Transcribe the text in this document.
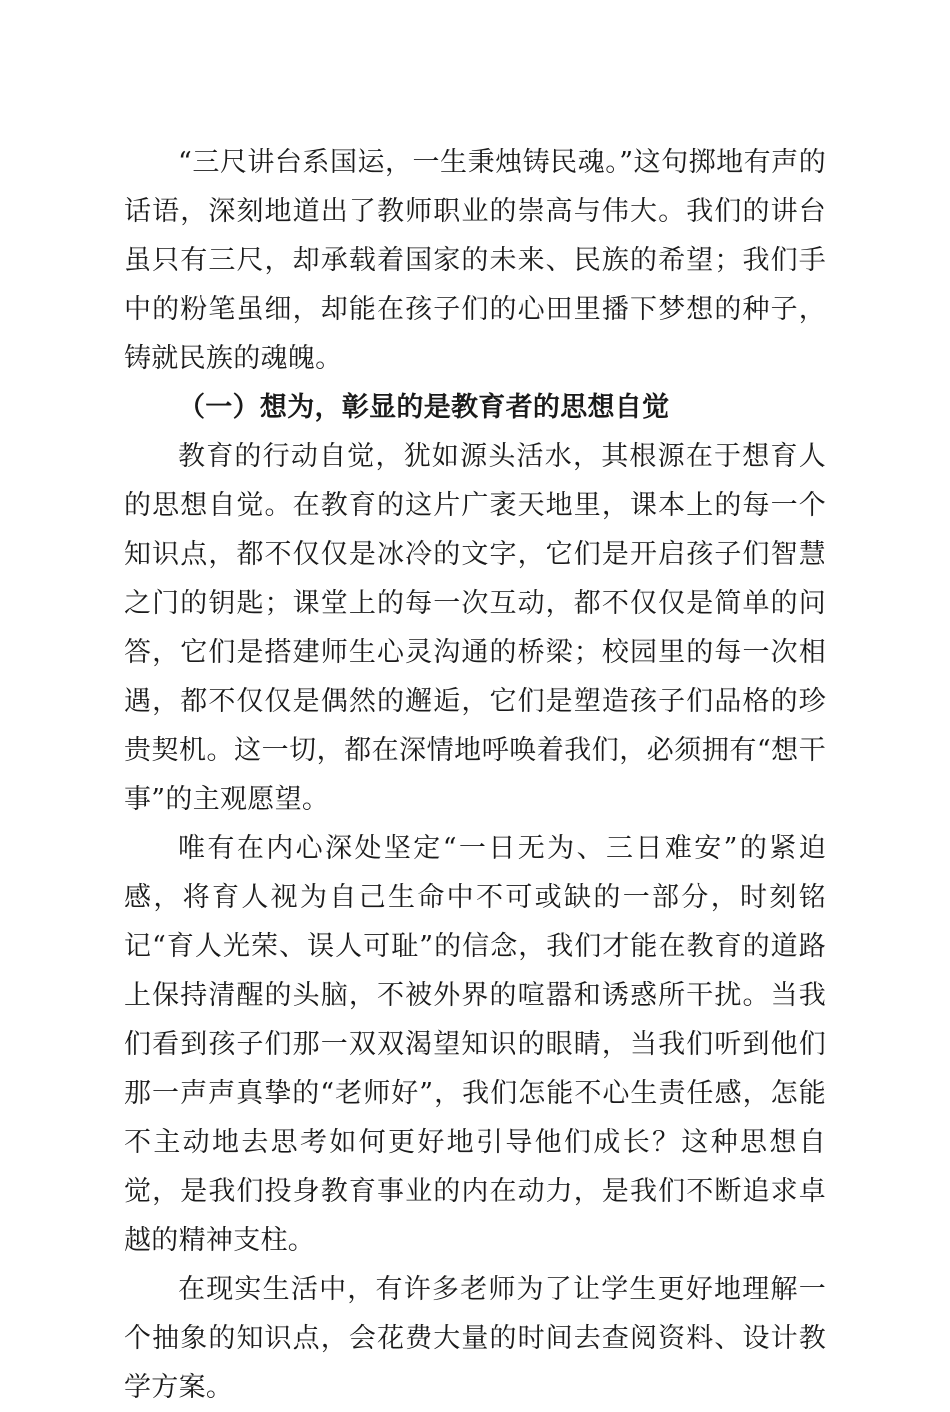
“三尺讲台系国运，一生秉烛铸民魂。”这句掷地有声的话语，深刻地道出了教师职业的崇高与伟大。我们的讲台虽只有三尺，却承载着国家的未来、民族的希望；我们手中的粉笔虽细，却能在孩子们的心田里播下梦想的种子，铸就民族的魂魄。

（一）想为，彰显的是教育者的思想自觉

教育的行动自觉，犹如源头活水，其根源在于想育人的思想自觉。在教育的这片广袤天地里，课本上的每一个知识点，都不仅仅是冰冷的文字，它们是开启孩子们智慧之门的钥匙；课堂上的每一次互动，都不仅仅是简单的问答，它们是搭建师生心灵沟通的桥梁；校园里的每一次相遇，都不仅仅是偶然的邂逅，它们是塑造孩子们品格的珍贵契机。这一切，都在深情地呼唤着我们，必须拥有“想干事”的主观愿望。

唯有在内心深处坚定“一日无为、三日难安”的紧迫感，将育人视为自己生命中不可或缺的一部分，时刻铭记“育人光荣、误人可耻”的信念，我们才能在教育的道路上保持清醒的头脑，不被外界的喧嚣和诱惑所干扰。当我们看到孩子们那一双双渴望知识的眼睛，当我们听到他们那一声声真挚的“老师好”，我们怎能不心生责任感，怎能不主动地去思考如何更好地引导他们成长？这种思想自觉，是我们投身教育事业的内在动力，是我们不断追求卓越的精神支柱。

在现实生活中，有许多老师为了让学生更好地理解一个抽象的知识点，会花费大量的时间去查阅资料、设计教学方案。
